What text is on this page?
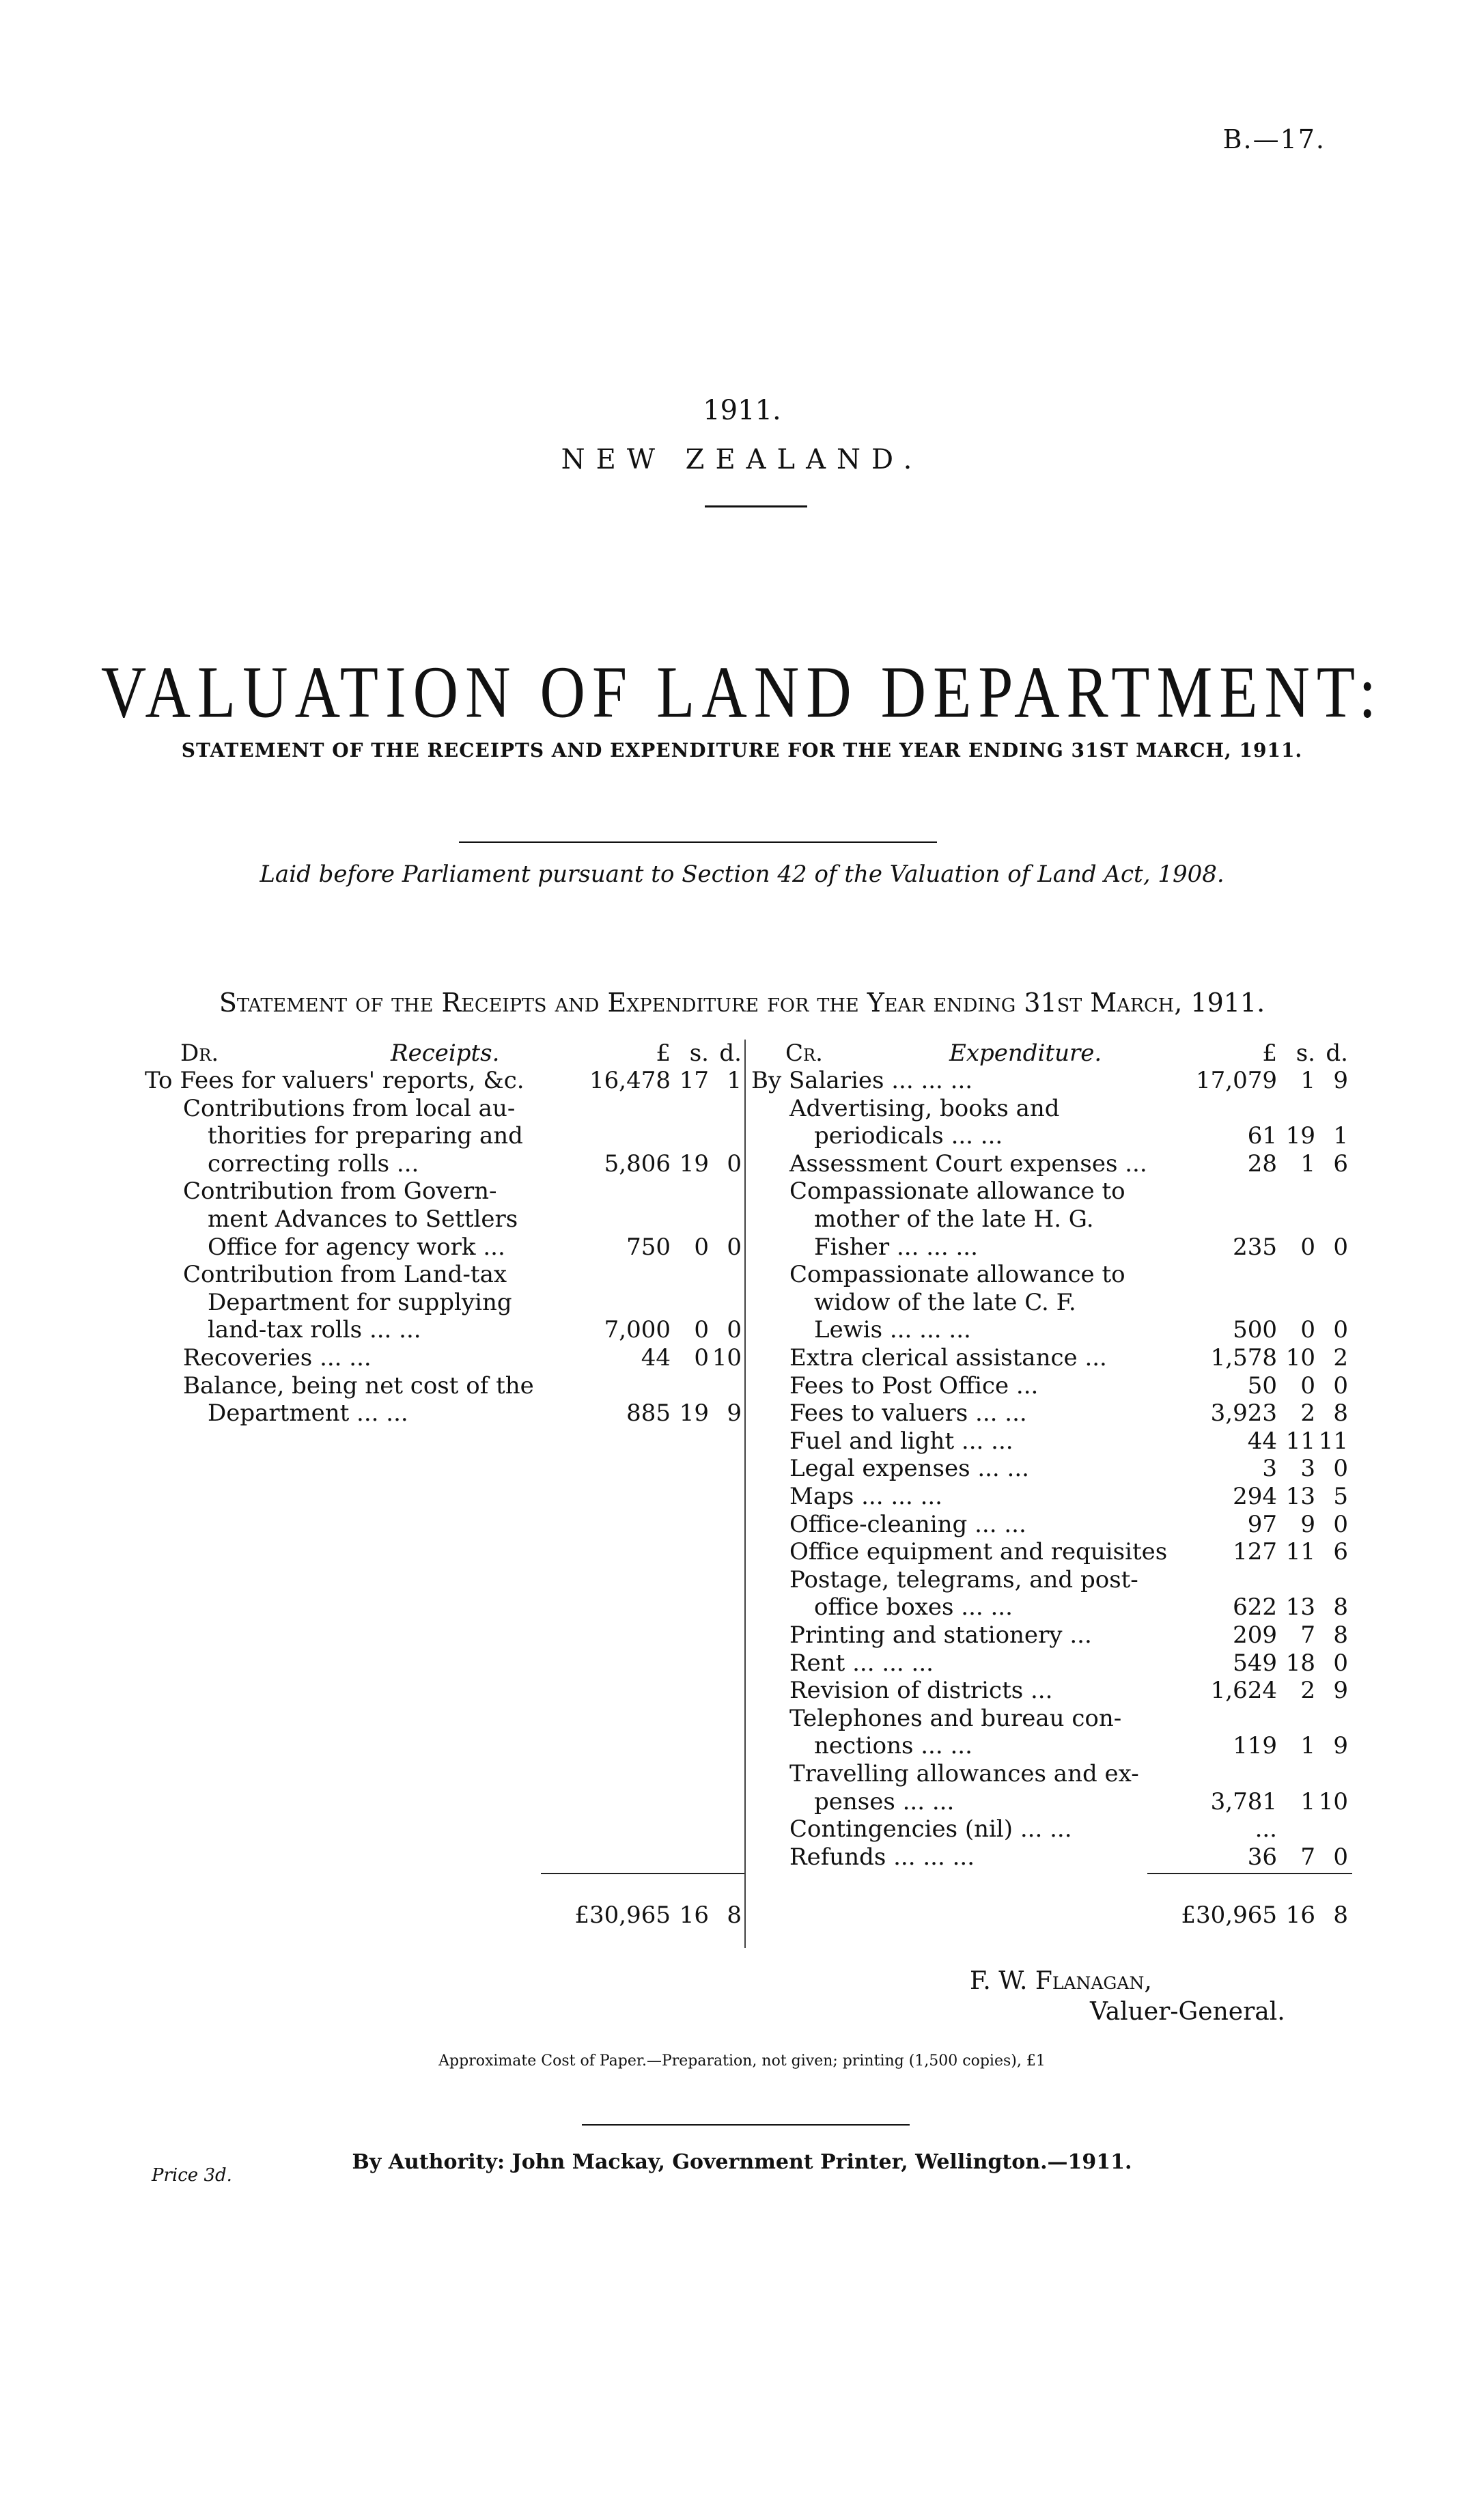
B.—17.
1911.
NEW ZEALAND.
VALUATION OF LAND DEPARTMENT:
STATEMENT OF THE RECEIPTS AND EXPENDITURE FOR THE YEAR ENDING 31ST MARCH, 1911.
Laid before Parliament pursuant to Section 42 of the Valuation of Land Act, 1908.
Statement of the Receipts and Expenditure for the Year ending 31st March, 1911.
Dr.	Receipts.	£ s. d.
To Fees for valuers' reports, &c.	16,478 17 1
Contributions from local au-
thorities for preparing and
correcting rolls ...	5,806 19 0
Contribution from Govern-
ment Advances to Settlers
Office for agency work ...	750	0 0
Contribution from Land-tax
Department for supplying
land-tax rolls ... ...	7,000	0 0
Recoveries ... ...	44	0 10
Balance, being net cost of the
Department ... ...	885 19 9
£30,965 16 8
Cr.	Expenditure.	£ s. d.
By Salaries ... ... ...	17,079	1 9
Advertising, books and
periodicals ... ...	61 19 1
Assessment Court expenses ...	28	1 6
Compassionate allowance to
mother of the late H. G.
Fisher ... ... ...	235	0 0
Compassionate allowance to
widow of the late C. F.
Lewis ... ... ...	500	0 0
Extra clerical assistance ...	1,578 10 2
Fees to Post Office ...	50	0 0
Fees to valuers ... ...	3,923	2 8
Fuel and light ... ...	44 11 11
Legal expenses ... ...	3	3 0
Maps ... ... ...	294 13 5
Office-cleaning ... ...	97	9 0
Office equipment and requisites	127 11 6
Postage, telegrams, and post-
office boxes ... ...	622 13 8
Printing and stationery ...	209	7 8
Rent ... ... ...	549 18 0
Revision of districts ...	1,624	2 9
Telephones and bureau con-
nections ... ...	119	1 9
Travelling allowances and ex-
penses ... ...	3,781	1 10
Contingencies (nil) ... ...	...
Refunds ... ... ...	36	7 0
£30,965 16 8
F. W. Flanagan,
Valuer-General.
Approximate Cost of Paper.—Preparation, not given; printing (1,500 copies), £1
By Authority: John Mackay, Government Printer, Wellington.—1911.
Price 3d.
